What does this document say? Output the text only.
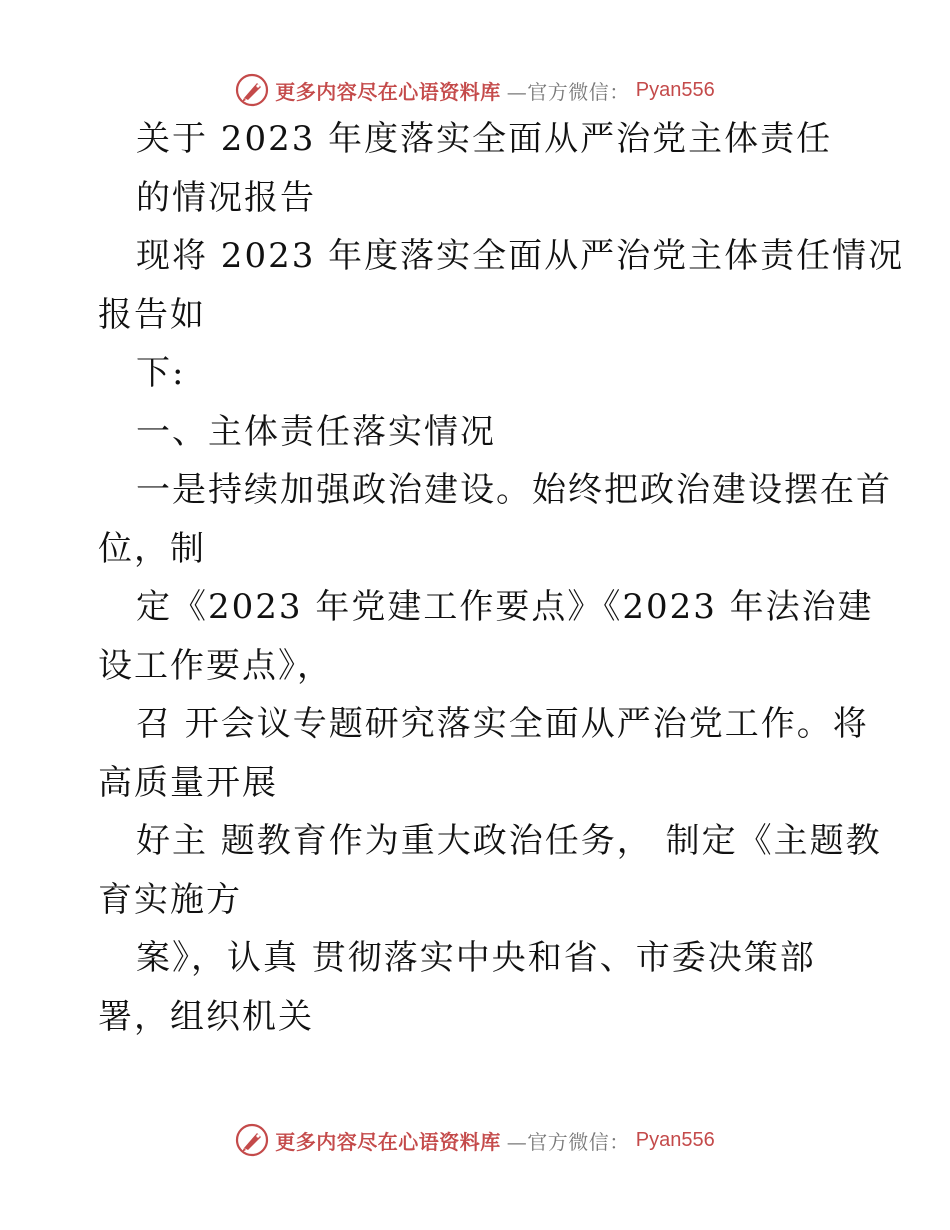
更多内容尽在心语资料库 —官方微信： Pyan556
关于 2023 年度落实全面从严治党主体责任
的情况报告
现将 2023 年度落实全面从严治党主体责任情况
报告如
下:
一、主体责任落实情况
一是持续加强政治建设。始终把政治建设摆在首
位，制
定《2023 年党建工作要点》《2023 年法治建
设工作要点》，
召 开会议专题研究落实全面从严治党工作。将
高质量开展
好主 题教育作为重大政治任务， 制定《主题教
育实施方
案》，认真 贯彻落实中央和省、市委决策部
署，组织机关
更多内容尽在心语资料库 —官方微信： Pyan556
